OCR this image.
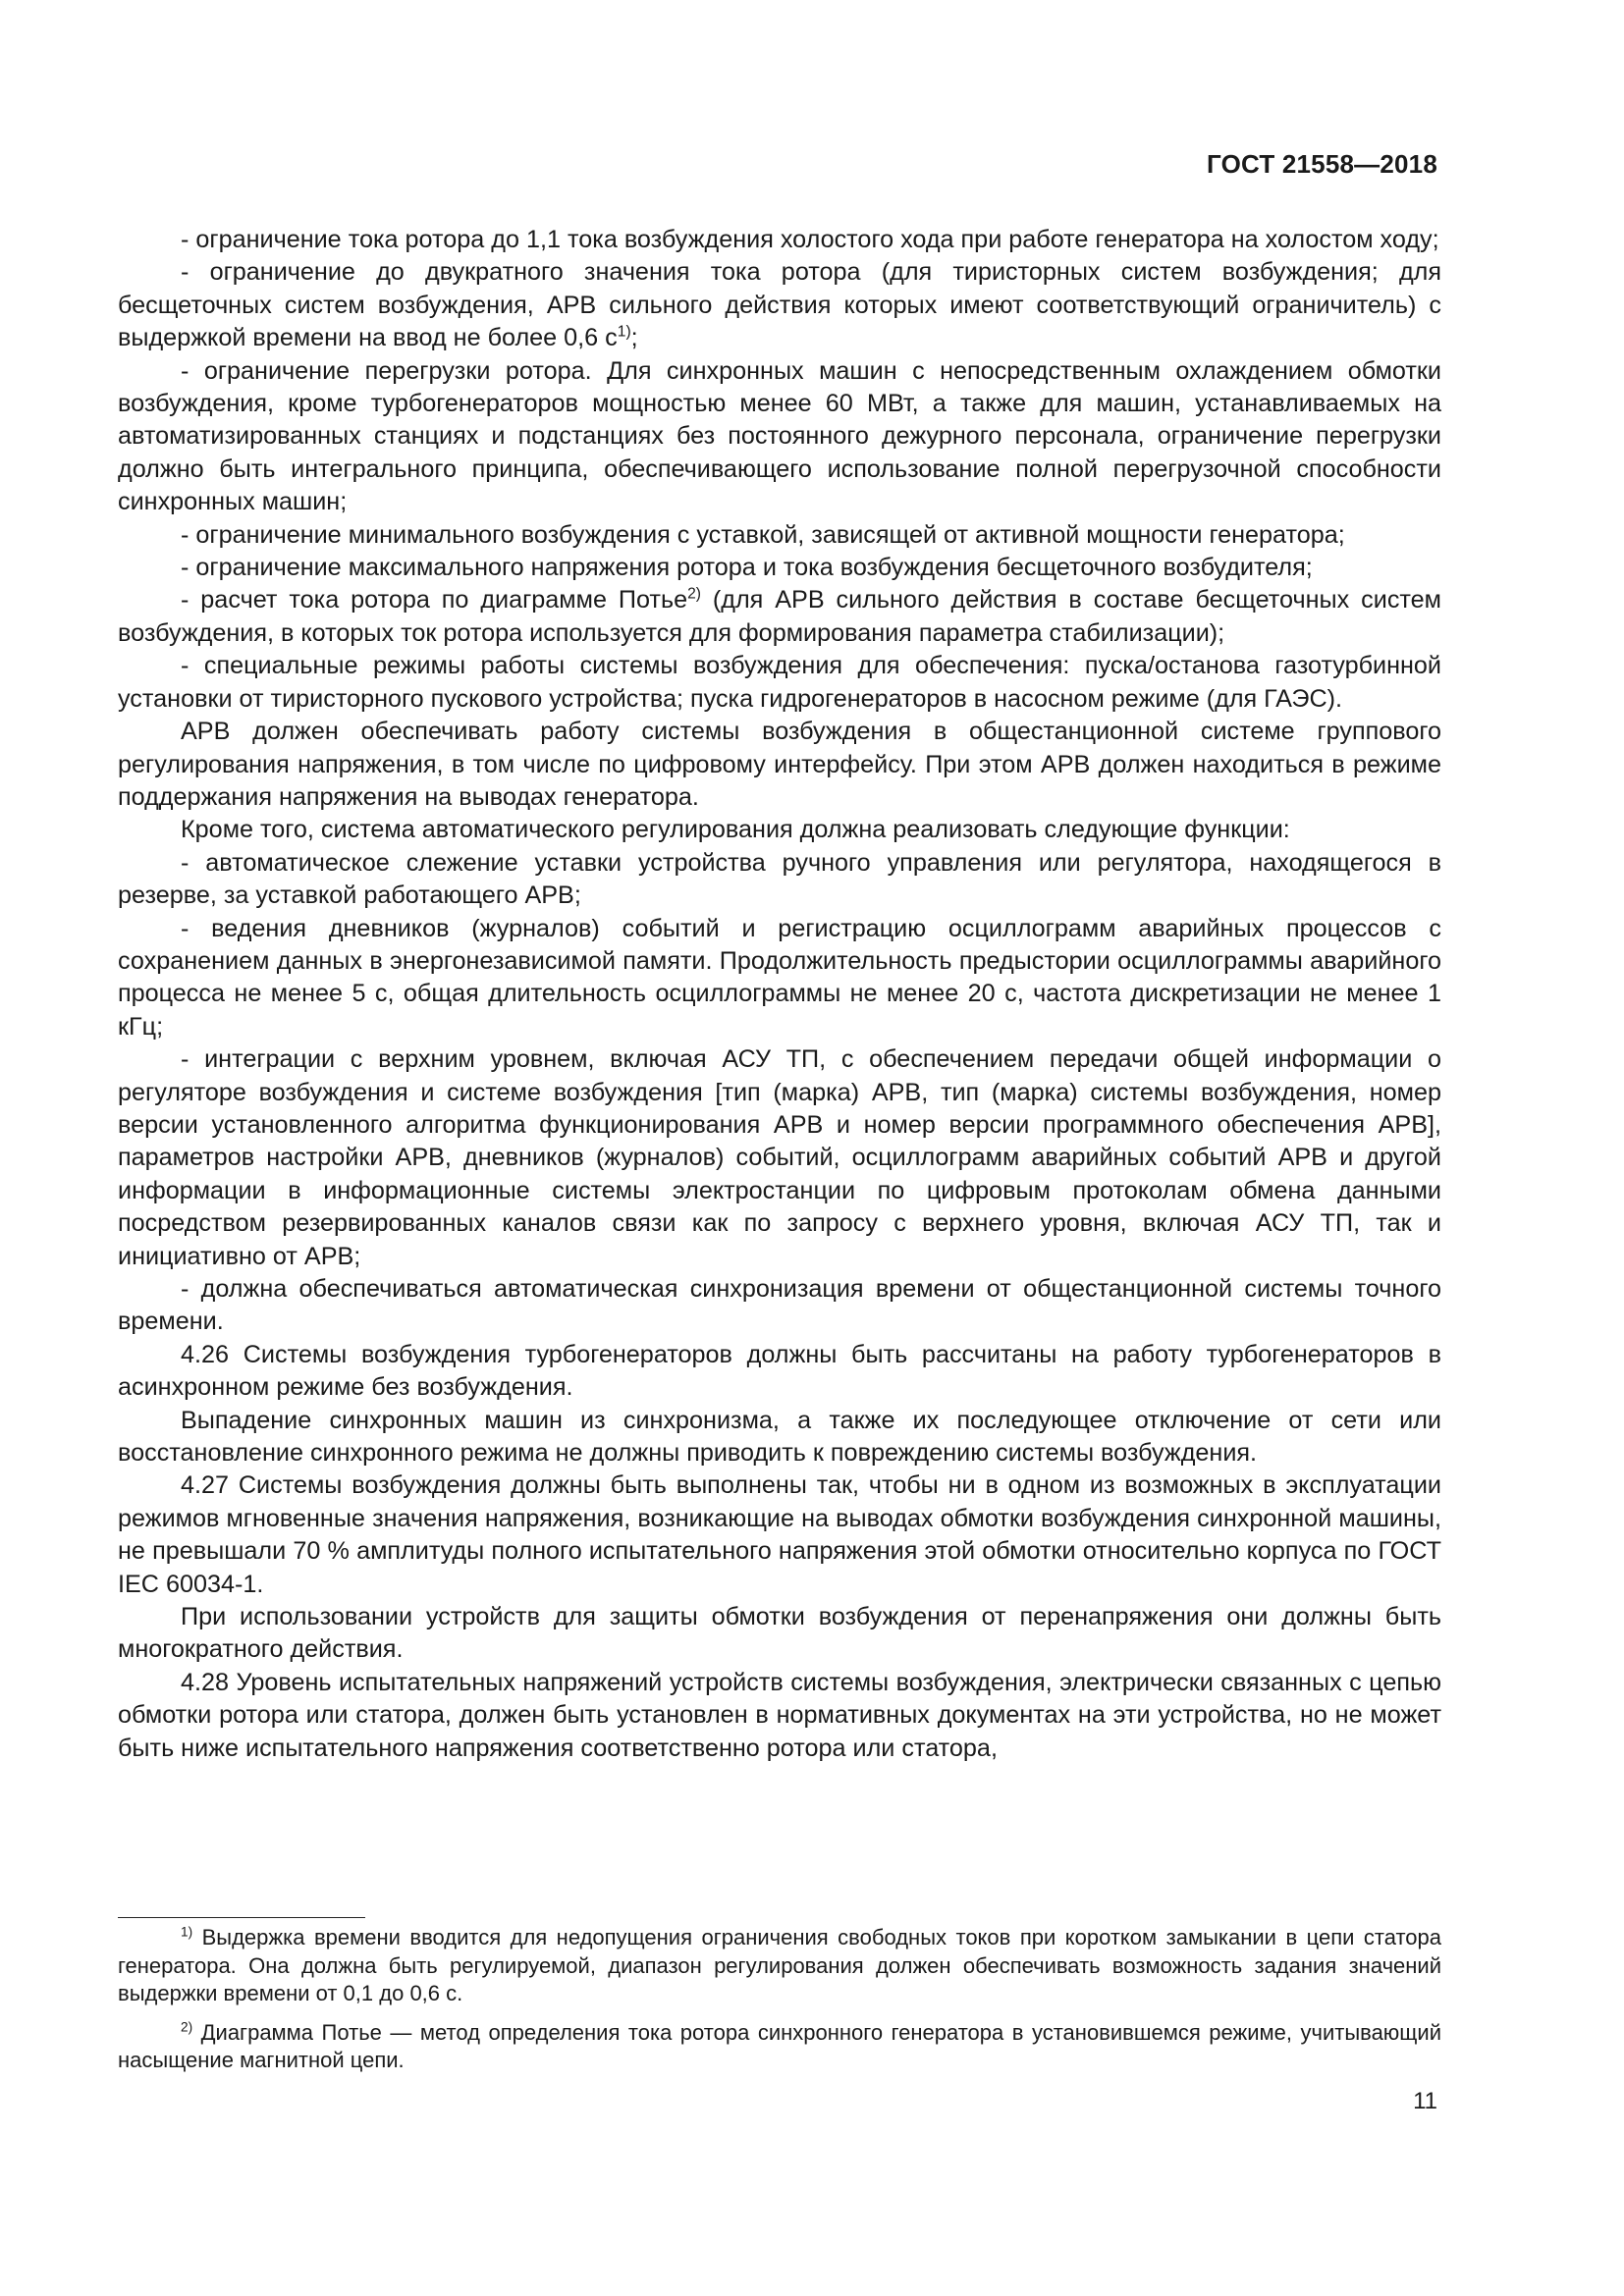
ГОСТ 21558—2018

- ограничение тока ротора до 1,1 тока возбуждения холостого хода при работе генератора на холостом ходу;

- ограничение до двукратного значения тока ротора (для тиристорных систем возбуждения; для бесщеточных систем возбуждения, АРВ сильного действия которых имеют соответствующий ограничитель) с выдержкой времени на ввод не более 0,6 $с^{1)}$;

- ограничение перегрузки ротора. Для синхронных машин с непосредственным охлаждением обмотки возбуждения, кроме турбогенераторов мощностью менее 60 МВт, а также для машин, устанавливаемых на автоматизированных станциях и подстанциях без постоянного дежурного персонала, ограничение перегрузки должно быть интегрального принципа, обеспечивающего использование полной перегрузочной способности синхронных машин;

- ограничение минимального возбуждения с уставкой, зависящей от активной мощности генератора;

- ограничение максимального напряжения ротора и тока возбуждения бесщеточного возбудителя;

- расчет тока ротора по диаграмме Потье$^{2)}$ (для АРВ сильного действия в составе бесщеточных систем возбуждения, в которых ток ротора используется для формирования параметра стабилизации);

- специальные режимы работы системы возбуждения для обеспечения: пуска/останова газотурбинной установки от тиристорного пускового устройства; пуска гидрогенераторов в насосном режиме (для ГАЭС).

АРВ должен обеспечивать работу системы возбуждения в общестанционной системе группового регулирования напряжения, в том числе по цифровому интерфейсу. При этом АРВ должен находиться в режиме поддержания напряжения на выводах генератора.

Кроме того, система автоматического регулирования должна реализовать следующие функции:

- автоматическое слежение уставки устройства ручного управления или регулятора, находящегося в резерве, за уставкой работающего АРВ;

- ведения дневников (журналов) событий и регистрацию осциллограмм аварийных процессов с сохранением данных в энергонезависимой памяти. Продолжительность предыстории осциллограммы аварийного процесса не менее 5 с, общая длительность осциллограммы не менее 20 с, частота дискретизации не менее 1 кГц;

- интеграции с верхним уровнем, включая АСУ ТП, с обеспечением передачи общей информации о регуляторе возбуждения и системе возбуждения [тип (марка) АРВ, тип (марка) системы возбуждения, номер версии установленного алгоритма функционирования АРВ и номер версии программного обеспечения АРВ], параметров настройки АРВ, дневников (журналов) событий, осциллограмм аварийных событий АРВ и другой информации в информационные системы электростанции по цифровым протоколам обмена данными посредством резервированных каналов связи как по запросу с верхнего уровня, включая АСУ ТП, так и инициативно от АРВ;

- должна обеспечиваться автоматическая синхронизация времени от общестанционной системы точного времени.

4.26 Системы возбуждения турбогенераторов должны быть рассчитаны на работу турбогенераторов в асинхронном режиме без возбуждения.

Выпадение синхронных машин из синхронизма, а также их последующее отключение от сети или восстановление синхронного режима не должны приводить к повреждению системы возбуждения.

4.27 Системы возбуждения должны быть выполнены так, чтобы ни в одном из возможных в эксплуатации режимов мгновенные значения напряжения, возникающие на выводах обмотки возбуждения синхронной машины, не превышали 70 % амплитуды полного испытательного напряжения этой обмотки относительно корпуса по ГОСТ IEC 60034-1.

При использовании устройств для защиты обмотки возбуждения от перенапряжения они должны быть многократного действия.

4.28 Уровень испытательных напряжений устройств системы возбуждения, электрически связанных с цепью обмотки ротора или статора, должен быть установлен в нормативных документах на эти устройства, но не может быть ниже испытательного напряжения соответственно ротора или статора,

$^{1)}$ Выдержка времени вводится для недопущения ограничения свободных токов при коротком замыкании в цепи статора генератора. Она должна быть регулируемой, диапазон регулирования должен обеспечивать возможность задания значений выдержки времени от 0,1 до 0,6 с.

$^{2)}$ Диаграмма Потье — метод определения тока ротора синхронного генератора в установившемся режиме, учитывающий насыщение магнитной цепи.

11
